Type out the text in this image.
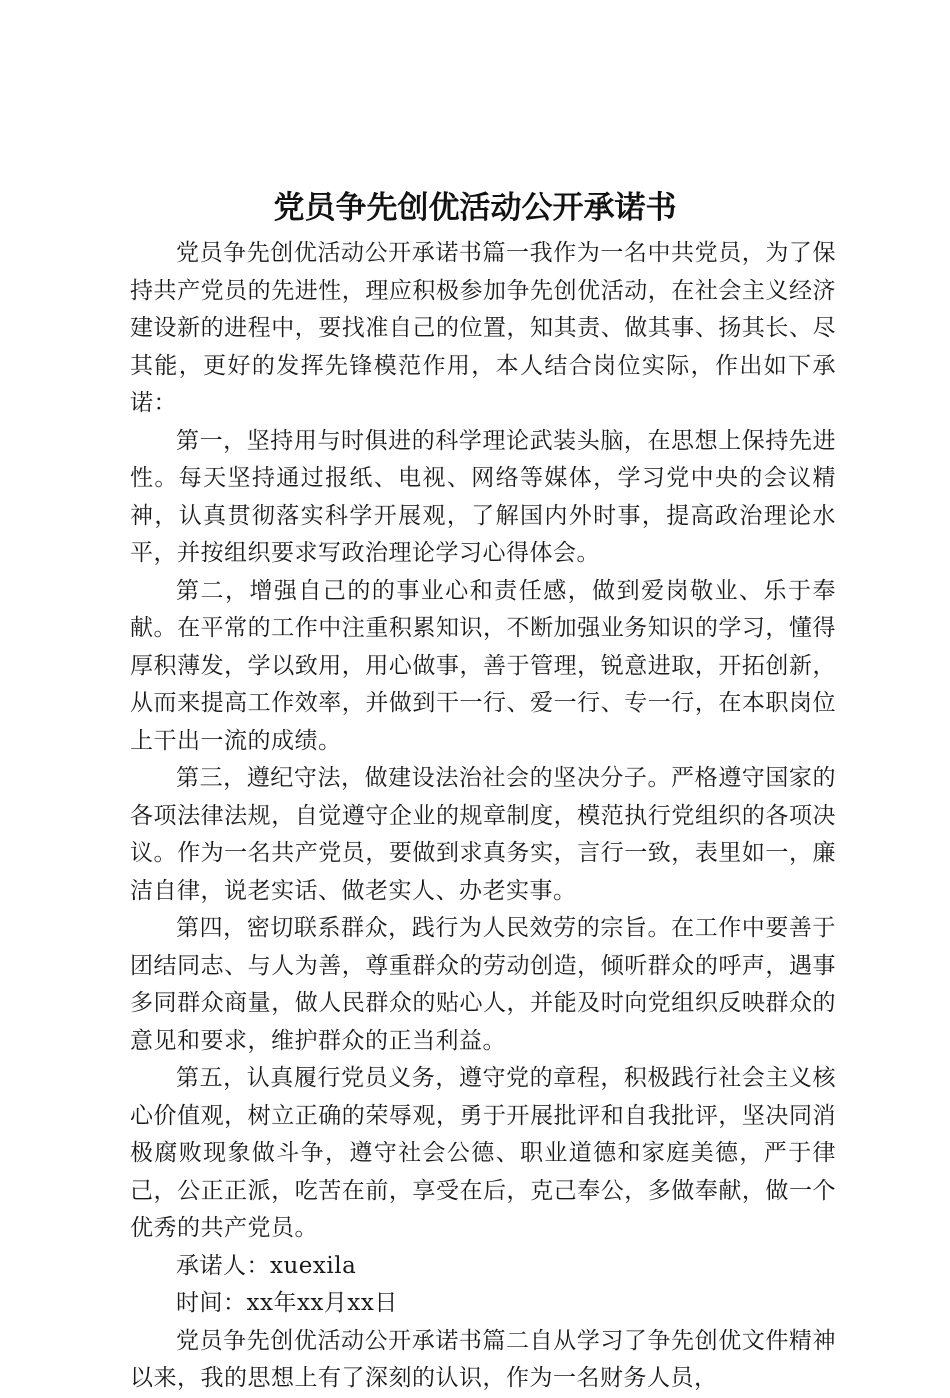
党员争先创优活动公开承诺书

党员争先创优活动公开承诺书篇一我作为一名中共党员，为了保持共产党员的先进性，理应积极参加争先创优活动，在社会主义经济建设新的进程中，要找准自己的位置，知其责、做其事、扬其长、尽其能，更好的发挥先锋模范作用，本人结合岗位实际，作出如下承诺：

第一，坚持用与时俱进的科学理论武装头脑，在思想上保持先进性。每天坚持通过报纸、电视、网络等媒体，学习党中央的会议精神，认真贯彻落实科学开展观，了解国内外时事，提高政治理论水平，并按组织要求写政治理论学习心得体会。

第二，增强自己的的事业心和责任感，做到爱岗敬业、乐于奉献。在平常的工作中注重积累知识，不断加强业务知识的学习，懂得厚积薄发，学以致用，用心做事，善于管理，锐意进取，开拓创新，从而来提高工作效率，并做到干一行、爱一行、专一行，在本职岗位上干出一流的成绩。

第三，遵纪守法，做建设法治社会的坚决分子。严格遵守国家的各项法律法规，自觉遵守企业的规章制度，模范执行党组织的各项决议。作为一名共产党员，要做到求真务实，言行一致，表里如一，廉洁自律，说老实话、做老实人、办老实事。

第四，密切联系群众，践行为人民效劳的宗旨。在工作中要善于团结同志、与人为善，尊重群众的劳动创造，倾听群众的呼声，遇事多同群众商量，做人民群众的贴心人，并能及时向党组织反映群众的意见和要求，维护群众的正当利益。

第五，认真履行党员义务，遵守党的章程，积极践行社会主义核心价值观，树立正确的荣辱观，勇于开展批评和自我批评，坚决同消极腐败现象做斗争，遵守社会公德、职业道德和家庭美德，严于律己，公正正派，吃苦在前，享受在后，克己奉公，多做奉献，做一个优秀的共产党员。

承诺人：xuexila

时间：xx年xx月xx日

党员争先创优活动公开承诺书篇二自从学习了争先创优文件精神以来，我的思想上有了深刻的认识，作为一名财务人员，
